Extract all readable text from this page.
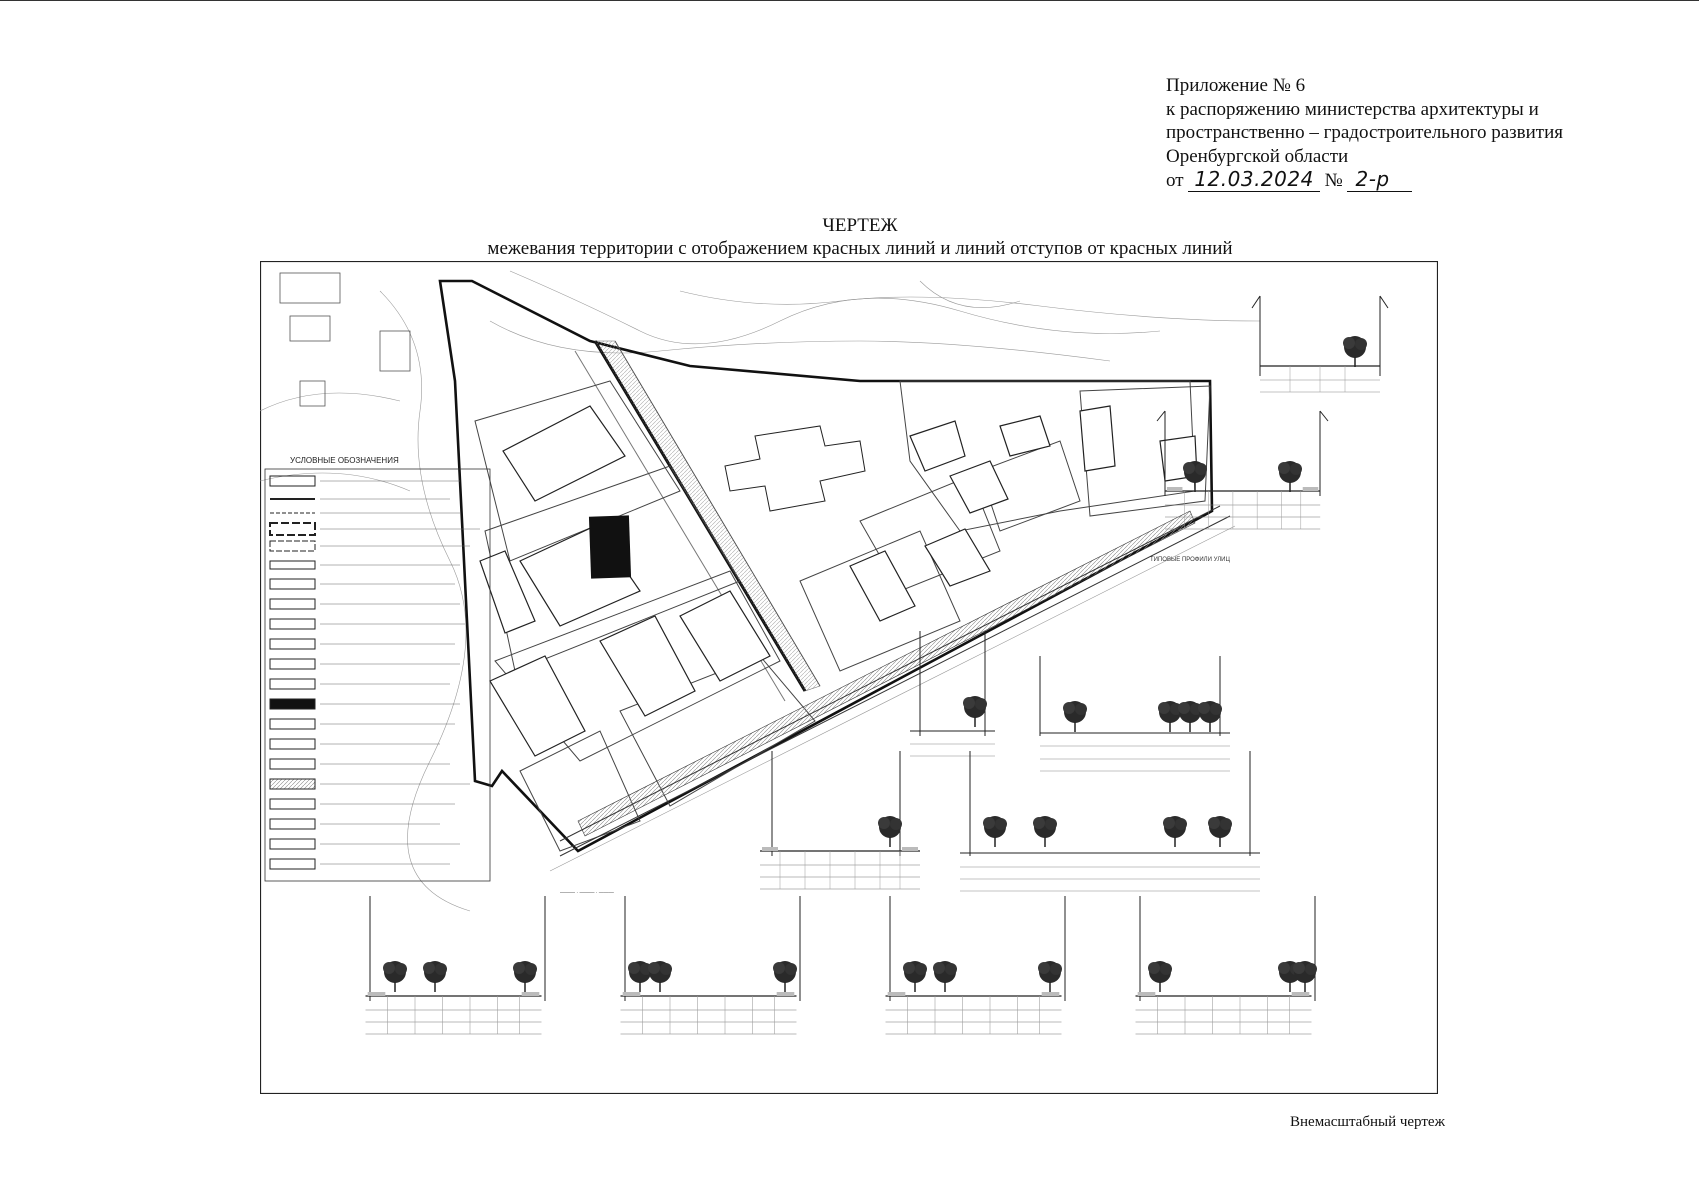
Приложение № 6
к распоряжению министерства архитектуры и
пространственно – градостроительного развития
Оренбургской области
от 12.03.2024 № 2-р
ЧЕРТЕЖ
межевания территории с отображением красных линий и линий отступов от красных линий
УСЛОВНЫЕ ОБОЗНАЧЕНИЯ
——— · ——— · ———
ТИПОВЫЕ ПРОФИЛИ УЛИЦ
Внемасштабный чертеж
